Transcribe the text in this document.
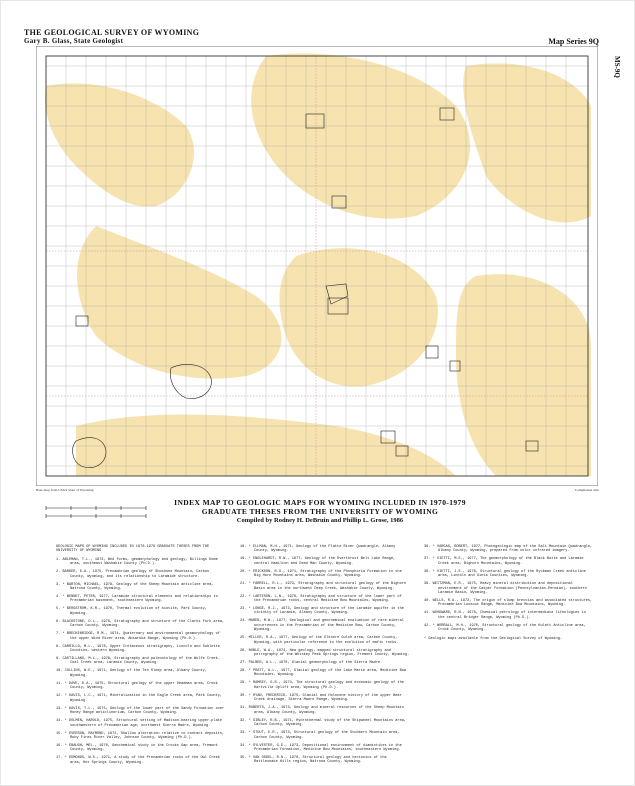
THE GEOLOGICAL SURVEY OF WYOMING
Gary B. Glass, State Geologist	Map Series 9Q
MS-9Q
Base map from USGS State of Wyoming	Compilation date
INDEX MAP TO GEOLOGIC MAPS FOR WYOMING INCLUDED IN 1970-1979
GRADUATE THESES FROM THE UNIVERSITY OF WYOMING
Compiled by Rodney H. DeBruin and Phillip L. Grose, 1986
GEOLOGIC MAPS OF WYOMING INCLUDED IN 1970-1979 GRADUATE THESES FROM THE UNIVERSITY OF WYOMING
1. ABLEMAN, T.L., 1973, Bed forms, geomorphology and geology, Billings Dome area, southeast Washakie County (Ph.D.).
2. BARKER, D.A., 1975, Precambrian geology of Shoshone Mountain, Carbon County, Wyoming, and its relationship to Laramide structure.
3. * BARTON, MICHAEL, 1978, Geology of the Sheep Mountain anticline area, Natrona County, Wyoming.
4. * BENNET, PETER, 1977, Laramide structural elements and relationships to Precambrian basement, southeastern Wyoming.
5. * BERGSTROM, K.R., 1970, Thermal evolution of biotite, Park County, Wyoming.
6. BLACKSTONE, D.L., 1976, Stratigraphy and structure of the Clarks Fork area, Carbon County, Wyoming.
7. * BRECKENRIDGE, R.M., 1974, Quaternary and environmental geomorphology of the upper Wind River area, Absaroka Range, Wyoming (Ph.D.).
8. CARRILLO, M.L., 1978, Upper Cretaceous stratigraphy, Lincoln and Sublette Counties, western Wyoming.
9. CASTILLANO, M.L., 1978, Stratigraphy and paleontology of the Wolfe Creek-Coal Creek area, Laramie County, Wyoming.
10. COLLINS, W.E., 1971, Geology of the Ten Sleep area, Albany County, Wyoming.
11. * DAVE, D.A., 1975, Structural geology of the upper Deadman area, Crook County, Wyoming.
12. * DAVIS, L.C., 1971, Mineralization in the Eagle Creek area, Park County, Wyoming.
13. * DAVIS, T.L., 1975, Geology of the lower part of the Sandy Formation over Honey Range anticlinorium, Carbon County, Wyoming.
14. * DOLMEN, HAROLD, 1975, Structural setting of Madison-bearing upper-plate southwestern of Precambrian age, northwest Sierra Madre, Wyoming.
15. * EVERSON, RAYMOND, 1972, Shallow alteration relative to contact deposits, Ruby Fires River Valley, Johnson County, Wyoming (Ph.D.).
16. * EBAUGH, MEL., 1970, Geochemical study in the Crooks Gap area, Fremont County, Wyoming.
17. * EDMONDS, W.S., 1971, A study of the Precambrian rocks of the Owl Creek area, Hot Springs County, Wyoming.
18. * ELLMAN, M.H., 1971, Geology of the Platte River Quadrangle, Albany County, Wyoming.
19. * ENGLEHARDT, R.W., 1977, Geology of the Overthrust Belt Lake Range, central Hamilton and Dead Man County, Wyoming.
20. * ERICKSON, R.G., 1971, Stratigraphy of the Phosphoria Formation in the Big Horn Mountains area, Washakie County, Wyoming.
21. * FARRELL, R.L., 1973, Stratigraphy and structural geology of the Bighorn Basin area in the northwest Deep Creek, Washakie County, Wyoming.
22. * LARTESON, L.N., 1976, Stratigraphy and structure of the lower part of the Precambrian rocks, central Medicine Bow Mountains, Wyoming.
23. * LONGE, R.J., 1973, Geology and structure of the Laramie aquifer in the vicinity of Laramie, Albany County, Wyoming.
24. MAREN, M.W., 1977, Geological and geochemical evaluation of rare mineral occurrences in the Precambrian of the Medicine Bow, Carbon County, Wyoming.
25. MILLER, R.A., 1977, Geology of the Elkhorn Gulch area, Carbon County, Wyoming, with particular reference to the evolution of mafic rocks.
26. NOBLE, W.A., 1974, New geology, mapped structural stratigraphy and petrography of the Whiskey Peak Springs region, Fremont County, Wyoming.
27. PALMER, A.L., 1970, Glacial geomorphology of the Sierra Madre.
28. * PRATT, A.L., 1977, Glacial geology of the Lake Marie area, Medicine Bow Mountains, Wyoming.
29. * RAMSEY, G.R., 1974, The structural geology and economic geology of the Hartville Uplift area, Wyoming (Ph.D.).
30. * RYAN, FREDERICK, 1975, Glacial and Holocene history of the upper Bear Creek drainage, Sierra Madre Range, Wyoming.
31. ROBERTS, J.A., 1973, Geology and mineral resources of the Sheep Mountain area, Albany County, Wyoming.
32. * SIBLEY, R.B., 1971, Hydrothermal study of the Shipwheel Mountains area, Carbon County, Wyoming.
33. * STOUT, E.R., 1973, Structural geology of the Stubbers Mountain area, Carbon County, Wyoming.
34. * SYLVESTER, G.E., 1973, Depositional environment of diamictites in the Precambrian formation, Medicine Bow Mountains, southeastern Wyoming.
35. * VAN OSDEL, R.N., 1976, Structural geology and tectonics of the Rattlesnake Hills region, Natrona County, Wyoming.
36. * VARGAS, ROBERT, 1977, Photogeologic map of the Salt Mountain Quadrangle, Albany County, Wyoming, prepared from color infrared imagery.
37. * VIETTI, M.E., 1977, The geomorphology of the Black Butte and Laramie Creek area, Bighorn Mountains, Wyoming.
38. * VIETTI, J.E., 1976, Structural geology of the Ryckman Creek anticline area, Lincoln and Uinta Counties, Wyoming.
39. WEITZMAN, E.R., 1975, Heavy mineral distribution and depositional environment of the Casper Formation (Pennsylvanian-Permian), southern Laramie Basin, Wyoming.
40. WELLS, R.A., 1972, The origin of slump breccias and associated structures, Precambrian Lookout Range, Medicine Bow Mountains, Wyoming.
41. WOODWARD, R.N., 1978, Chemical petrology of intermediate lithologies in the central Bridger Range, Wyoming (Ph.D.).
42. * WORRALL, M.H., 1970, Structural geology of the Hulett Anticline area, Crook County, Wyoming.
* Geologic maps available from the Geological Survey of Wyoming.
